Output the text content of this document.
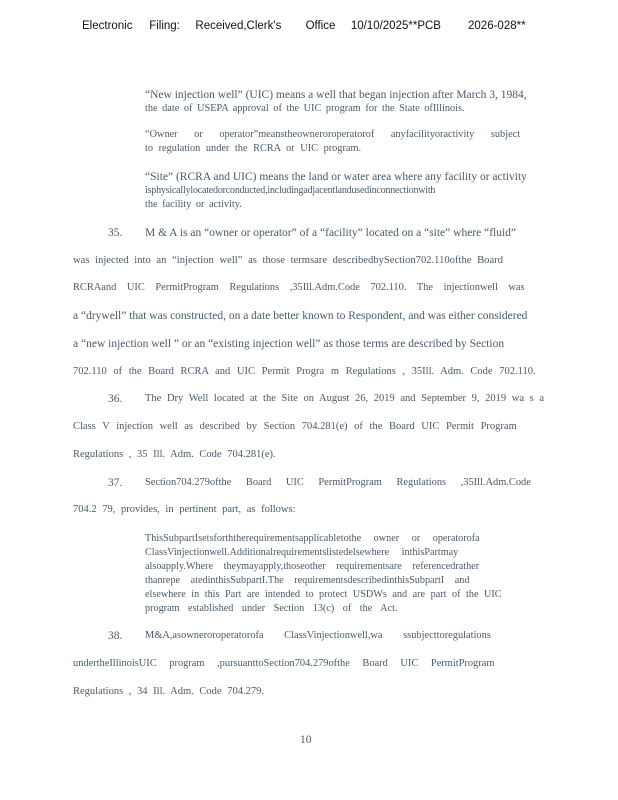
Electronic Filing: Received,Clerk's Office 10/10/2025**PCB 2026-028**
“New injection well” (UIC) means a well that began injection after March 3, 1984,
the date of USEPA approval of the UIC program for the State ofIllinois.
“Owner or operator”meanstheowneroroperatorof anyfacilityoractivity subject
to regulation under the RCRA or UIC program.
“Site” (RCRA and UIC) means the land or water area where any facility or activity
isphysicallylocatedorconducted,includingadjacentlandusedinconnectionwith
the facility or activity.
35. M & A is an “owner or operator” of a “facility” located on a “site” where “fluid”
was injected into an “injection well” as those termsare describedbySection702.110ofthe Board
RCRAand UIC PermitProgram Regulations ,35Ill.Adm.Code 702.110. The injectionwell was
a “drywell” that was constructed, on a date better known to Respondent, and was either considered
a “new injection well ” or an “existing injection well” as those terms are described by Section
702.110 of the Board RCRA and UIC Permit Progra m Regulations , 35Ill. Adm. Code 702.110.
36. The Dry Well located at the Site on August 26, 2019 and September 9, 2019 wa s a
Class V injection well as described by Section 704.281(e) of the Board UIC Permit Program
Regulations , 35 Ill. Adm. Code 704.281(e).
37. Section704.279ofthe Board UIC PermitProgram Regulations ,35Ill.Adm.Code
704.2 79, provides, in pertinent part, as follows:
ThisSubpartIsetsforththerequirementsapplicabletothe owner or operatorofa
ClassVinjectionwell.Additionalrequirementslistedelsewhere inthisPartmay
alsoapply.Where theymayapply,thoseother requirementsare referencedrather
thanrepe atedinthisSubpartI.The requirementsdescribedinthisSubpartI and
elsewhere in this Part are intended to protect USDWs and are part of the UIC
program established under Section 13(c) of the Act.
38. M&A,asowneroroperatorofa ClassVinjectionwell,wa ssubjecttoregulations
undertheIllinoisUIC program ,pursuanttoSection704.279ofthe Board UIC PermitProgram
Regulations , 34 Ill. Adm. Code 704.279.
10
